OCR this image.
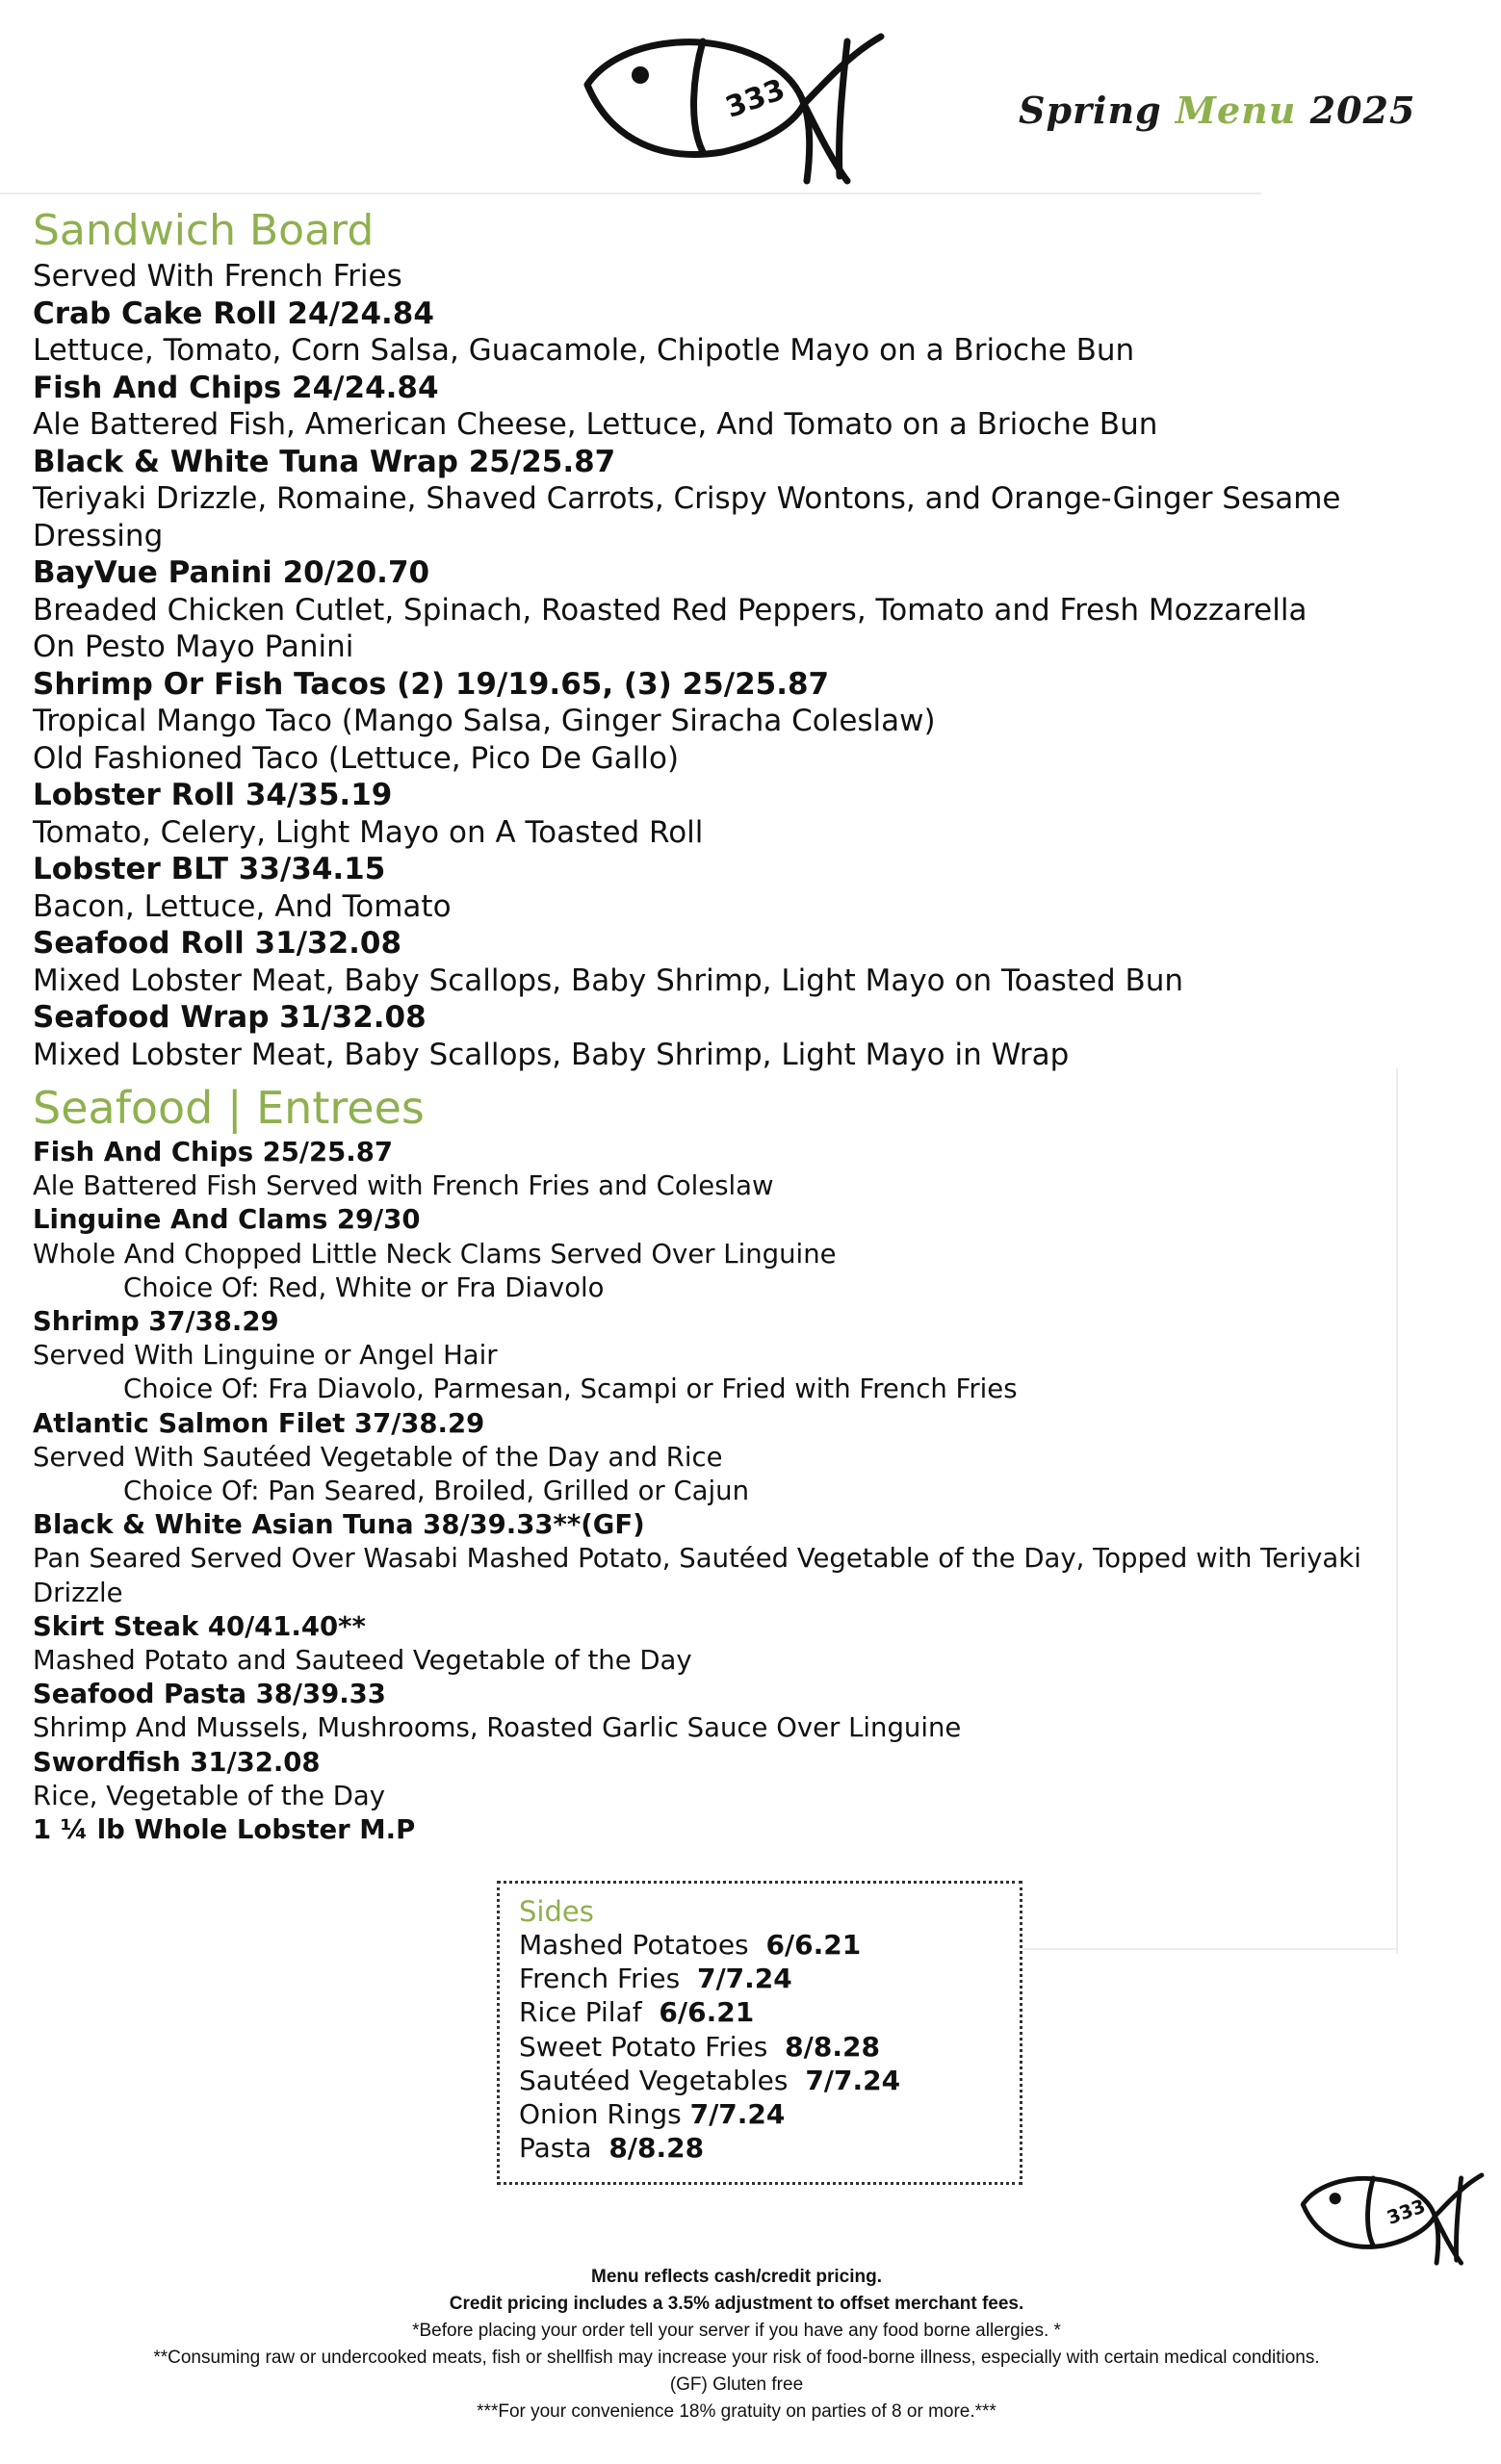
333	Spring Menu 2025
Sandwich Board
Served With French Fries
Crab Cake Roll 24/24.84
Lettuce, Tomato, Corn Salsa, Guacamole, Chipotle Mayo on a Brioche Bun
Fish And Chips 24/24.84
Ale Battered Fish, American Cheese, Lettuce, And Tomato on a Brioche Bun
Black & White Tuna Wrap 25/25.87
Teriyaki Drizzle, Romaine, Shaved Carrots, Crispy Wontons, and Orange-Ginger Sesame Dressing
BayVue Panini 20/20.70
Breaded Chicken Cutlet, Spinach, Roasted Red Peppers, Tomato and Fresh Mozzarella
On Pesto Mayo Panini
Shrimp Or Fish Tacos (2) 19/19.65, (3) 25/25.87
Tropical Mango Taco (Mango Salsa, Ginger Siracha Coleslaw)
Old Fashioned Taco (Lettuce, Pico De Gallo)
Lobster Roll 34/35.19
Tomato, Celery, Light Mayo on A Toasted Roll
Lobster BLT 33/34.15
Bacon, Lettuce, And Tomato
Seafood Roll 31/32.08
Mixed Lobster Meat, Baby Scallops, Baby Shrimp, Light Mayo on Toasted Bun
Seafood Wrap 31/32.08
Mixed Lobster Meat, Baby Scallops, Baby Shrimp, Light Mayo in Wrap
Seafood | Entrees
Fish And Chips 25/25.87
Ale Battered Fish Served with French Fries and Coleslaw
Linguine And Clams 29/30
Whole And Chopped Little Neck Clams Served Over Linguine
Choice Of: Red, White or Fra Diavolo
Shrimp 37/38.29
Served With Linguine or Angel Hair
Choice Of: Fra Diavolo, Parmesan, Scampi or Fried with French Fries
Atlantic Salmon Filet 37/38.29
Served With Sautéed Vegetable of the Day and Rice
Choice Of: Pan Seared, Broiled, Grilled or Cajun
Black & White Asian Tuna 38/39.33**(GF)
Pan Seared Served Over Wasabi Mashed Potato, Sautéed Vegetable of the Day, Topped with Teriyaki Drizzle
Skirt Steak 40/41.40**
Mashed Potato and Sauteed Vegetable of the Day
Seafood Pasta 38/39.33
Shrimp And Mussels, Mushrooms, Roasted Garlic Sauce Over Linguine
Swordfish 31/32.08
Rice, Vegetable of the Day
1 ¼ lb Whole Lobster M.P
Sides
Mashed Potatoes 6/6.21
French Fries 7/7.24
Rice Pilaf 6/6.21
Sweet Potato Fries 8/8.28
Sautéed Vegetables 7/7.24
Onion Rings 7/7.24
Pasta 8/8.28
333
Menu reflects cash/credit pricing.
Credit pricing includes a 3.5% adjustment to offset merchant fees.
*Before placing your order tell your server if you have any food borne allergies. *
**Consuming raw or undercooked meats, fish or shellfish may increase your risk of food-borne illness, especially with certain medical conditions.
(GF) Gluten free
***For your convenience 18% gratuity on parties of 8 or more.***
